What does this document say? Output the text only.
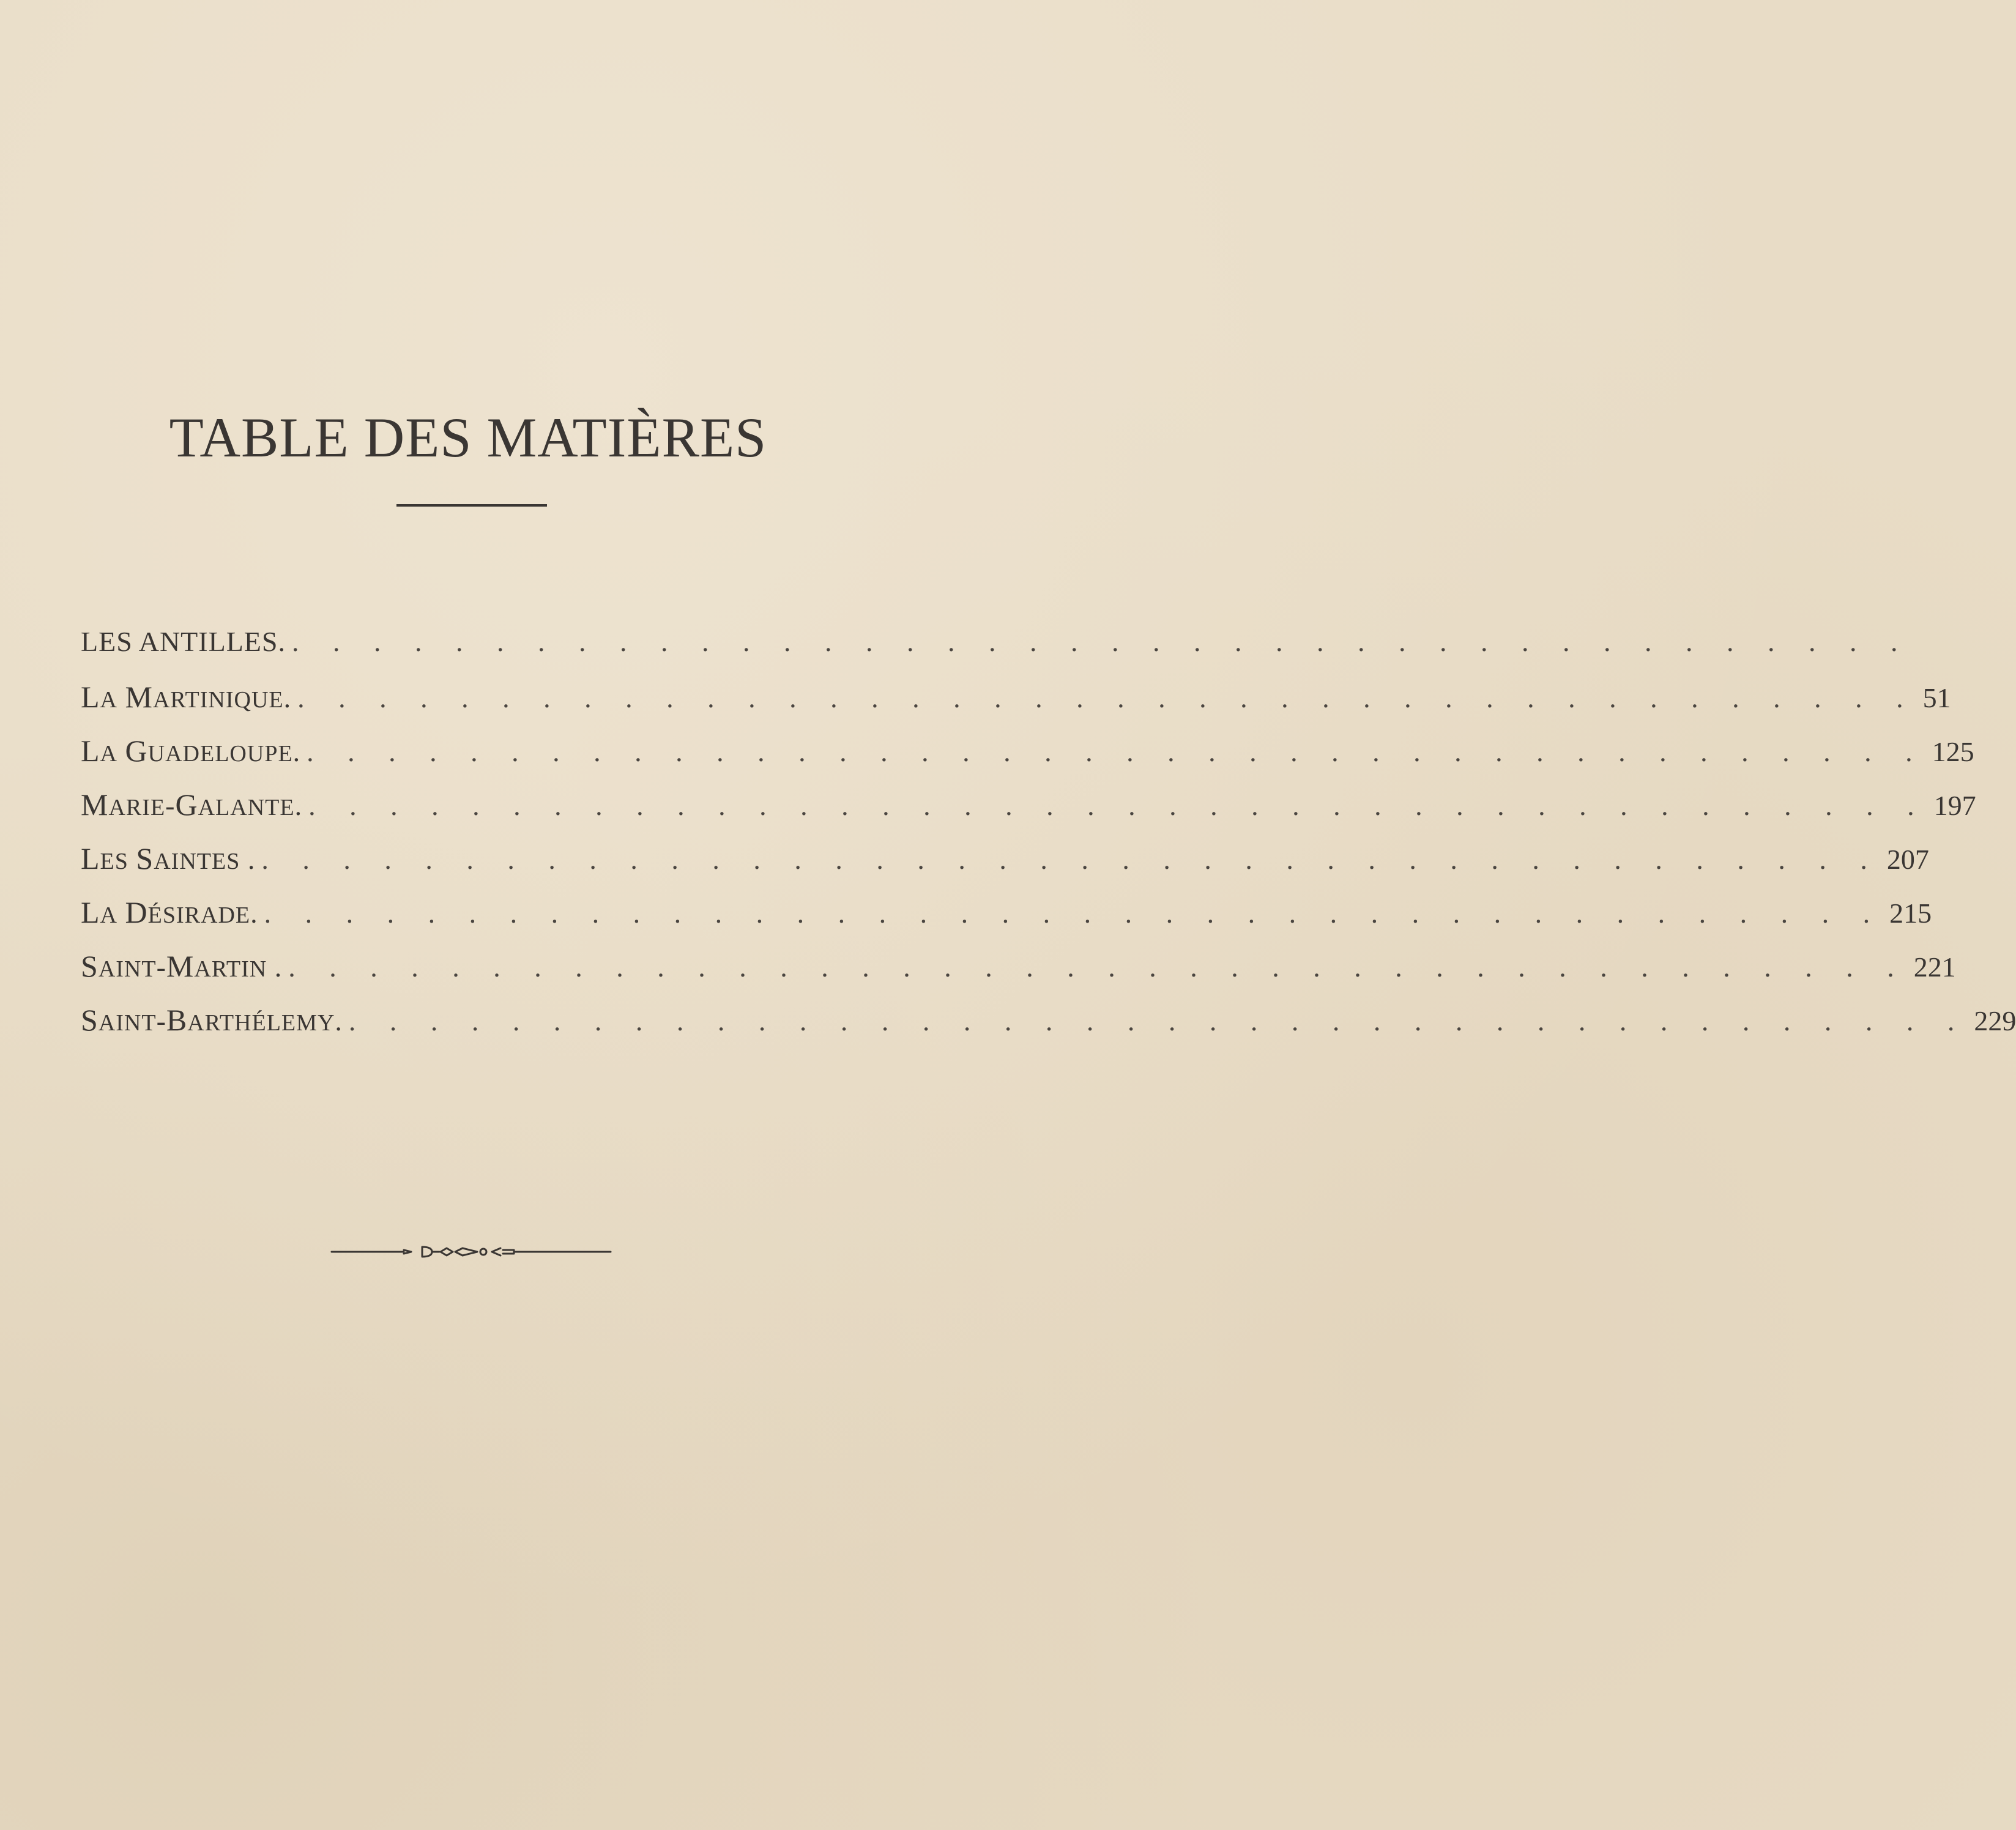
TABLE DES MATIÈRES
LES ANTILLES. . . . . . . . . . . . . . . . . . . . . . . . . . . . . . . . . . . . . . . . .
LA MARTINIQUE. . . . . . . . . . . . . . . . . . . . . . . . . . . . . . . . . . . . . . . . . 51
LA GUADELOUPE. . . . . . . . . . . . . . . . . . . . . . . . . . . . . . . . . . . . . . . . . 125
MARIE-GALANTE. . . . . . . . . . . . . . . . . . . . . . . . . . . . . . . . . . . . . . . . . 197
LES SAINTES . . . . . . . . . . . . . . . . . . . . . . . . . . . . . . . . . . . . . . . . . 207
LA DÉSIRADE. . . . . . . . . . . . . . . . . . . . . . . . . . . . . . . . . . . . . . . . . 215
SAINT-MARTIN . . . . . . . . . . . . . . . . . . . . . . . . . . . . . . . . . . . . . . . . . 221
SAINT-BARTHÉLEMY. . . . . . . . . . . . . . . . . . . . . . . . . . . . . . . . . . . . . . . . . 229
